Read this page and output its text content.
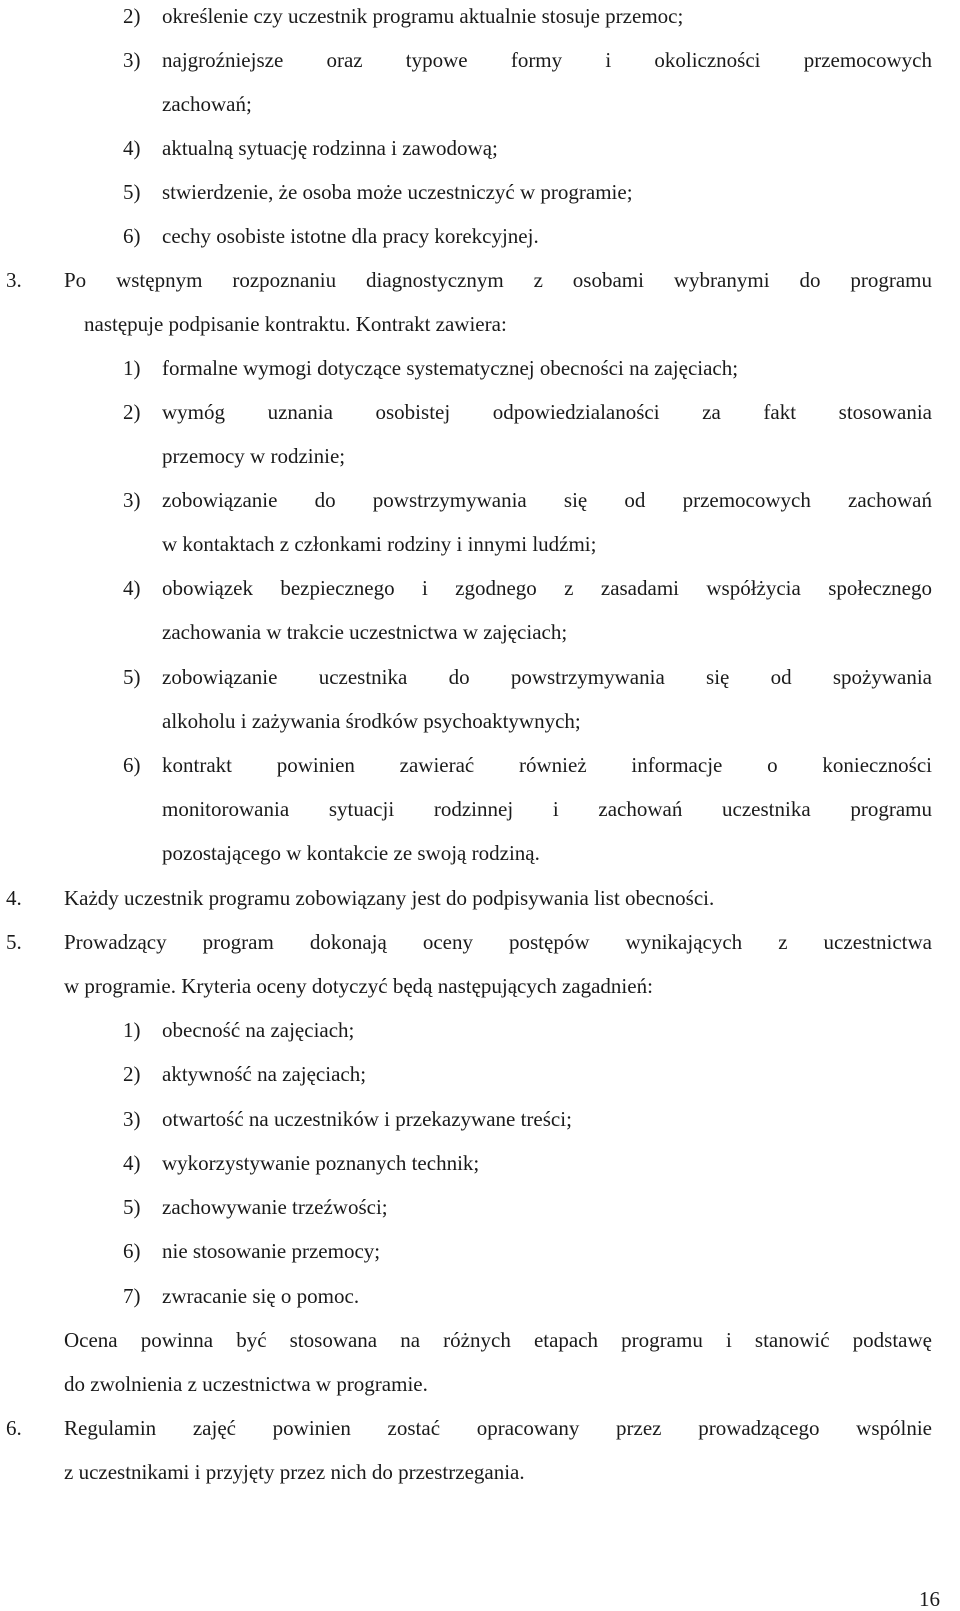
2) określenie czy uczestnik programu aktualnie stosuje przemoc;
3) najgroźniejsze oraz typowe formy i okoliczności przemocowych
zachowań;
4) aktualną sytuację rodzinna i zawodową;
5) stwierdzenie, że osoba może uczestniczyć w programie;
6) cechy osobiste istotne dla pracy korekcyjnej.
3. Po wstępnym rozpoznaniu diagnostycznym z osobami wybranymi do programu
następuje podpisanie kontraktu. Kontrakt zawiera:
1) formalne wymogi dotyczące systematycznej obecności na zajęciach;
2) wymóg uznania osobistej odpowiedzialaności za fakt stosowania
przemocy w rodzinie;
3) zobowiązanie do powstrzymywania się od przemocowych zachowań
w kontaktach z członkami rodziny i innymi ludźmi;
4) obowiązek bezpiecznego i zgodnego z zasadami współżycia społecznego
zachowania w trakcie uczestnictwa w zajęciach;
5) zobowiązanie uczestnika do powstrzymywania się od spożywania
alkoholu i zażywania środków psychoaktywnych;
6) kontrakt powinien zawierać również informacje o konieczności
monitorowania sytuacji rodzinnej i zachowań uczestnika programu
pozostającego w kontakcie ze swoją rodziną.
4. Każdy uczestnik programu zobowiązany jest do podpisywania list obecności.
5. Prowadzący program dokonają oceny postępów wynikających z uczestnictwa
w programie. Kryteria oceny dotyczyć będą następujących zagadnień:
1) obecność na zajęciach;
2) aktywność na zajęciach;
3) otwartość na uczestników i przekazywane treści;
4) wykorzystywanie poznanych technik;
5) zachowywanie trzeźwości;
6) nie stosowanie przemocy;
7) zwracanie się o pomoc.
Ocena powinna być stosowana na różnych etapach programu i stanowić podstawę
do zwolnienia z uczestnictwa w programie.
6. Regulamin zajęć powinien zostać opracowany przez prowadzącego wspólnie
z uczestnikami i przyjęty przez nich do przestrzegania.
16
